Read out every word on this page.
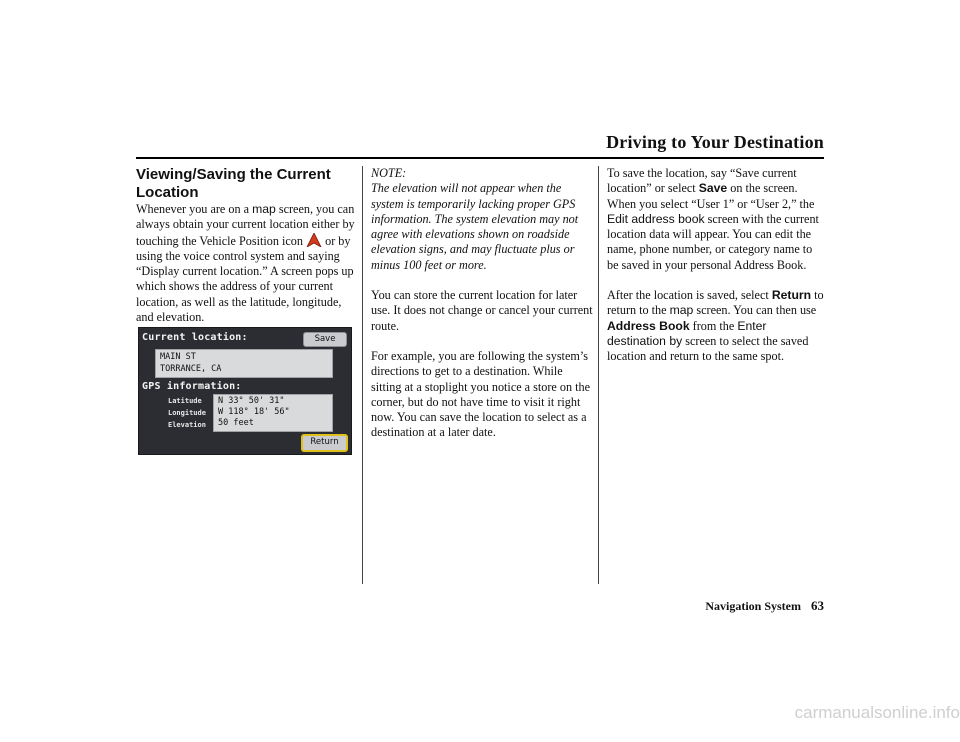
Driving to Your Destination
Viewing/Saving the Current Location
Whenever you are on a map screen, you can always obtain your current location either by touching the Vehicle Position icon  or by using the voice control system and saying “Display current location.” A screen pops up which shows the address of your current location, as well as the latitude, longitude, and elevation.
Current location:	Save
MAIN ST
TORRANCE, CA
GPS information:
Latitude
Longitude
Elevation
N 33° 50' 31"
W 118° 18' 56"
50 feet
Return
NOTE:
The elevation will not appear when the system is temporarily lacking proper GPS information. The system elevation may not agree with elevations shown on roadside elevation signs, and may fluctuate plus or minus 100 feet or more.
You can store the current location for later use. It does not change or cancel your current route.
For example, you are following the system’s directions to get to a destination. While sitting at a stoplight you notice a store on the corner, but do not have time to visit it right now. You can save the location to select as a destination at a later date.
To save the location, say “Save current location” or select Save on the screen. When you select “User 1” or “User 2,” the Edit address book screen with the current location data will appear. You can edit the name, phone number, or category name to be saved in your personal Address Book.
After the location is saved, select Return to return to the map screen. You can then use Address Book from the Enter destination by screen to select the saved location and return to the same spot.
Navigation System 63
carmanualsonline.info
